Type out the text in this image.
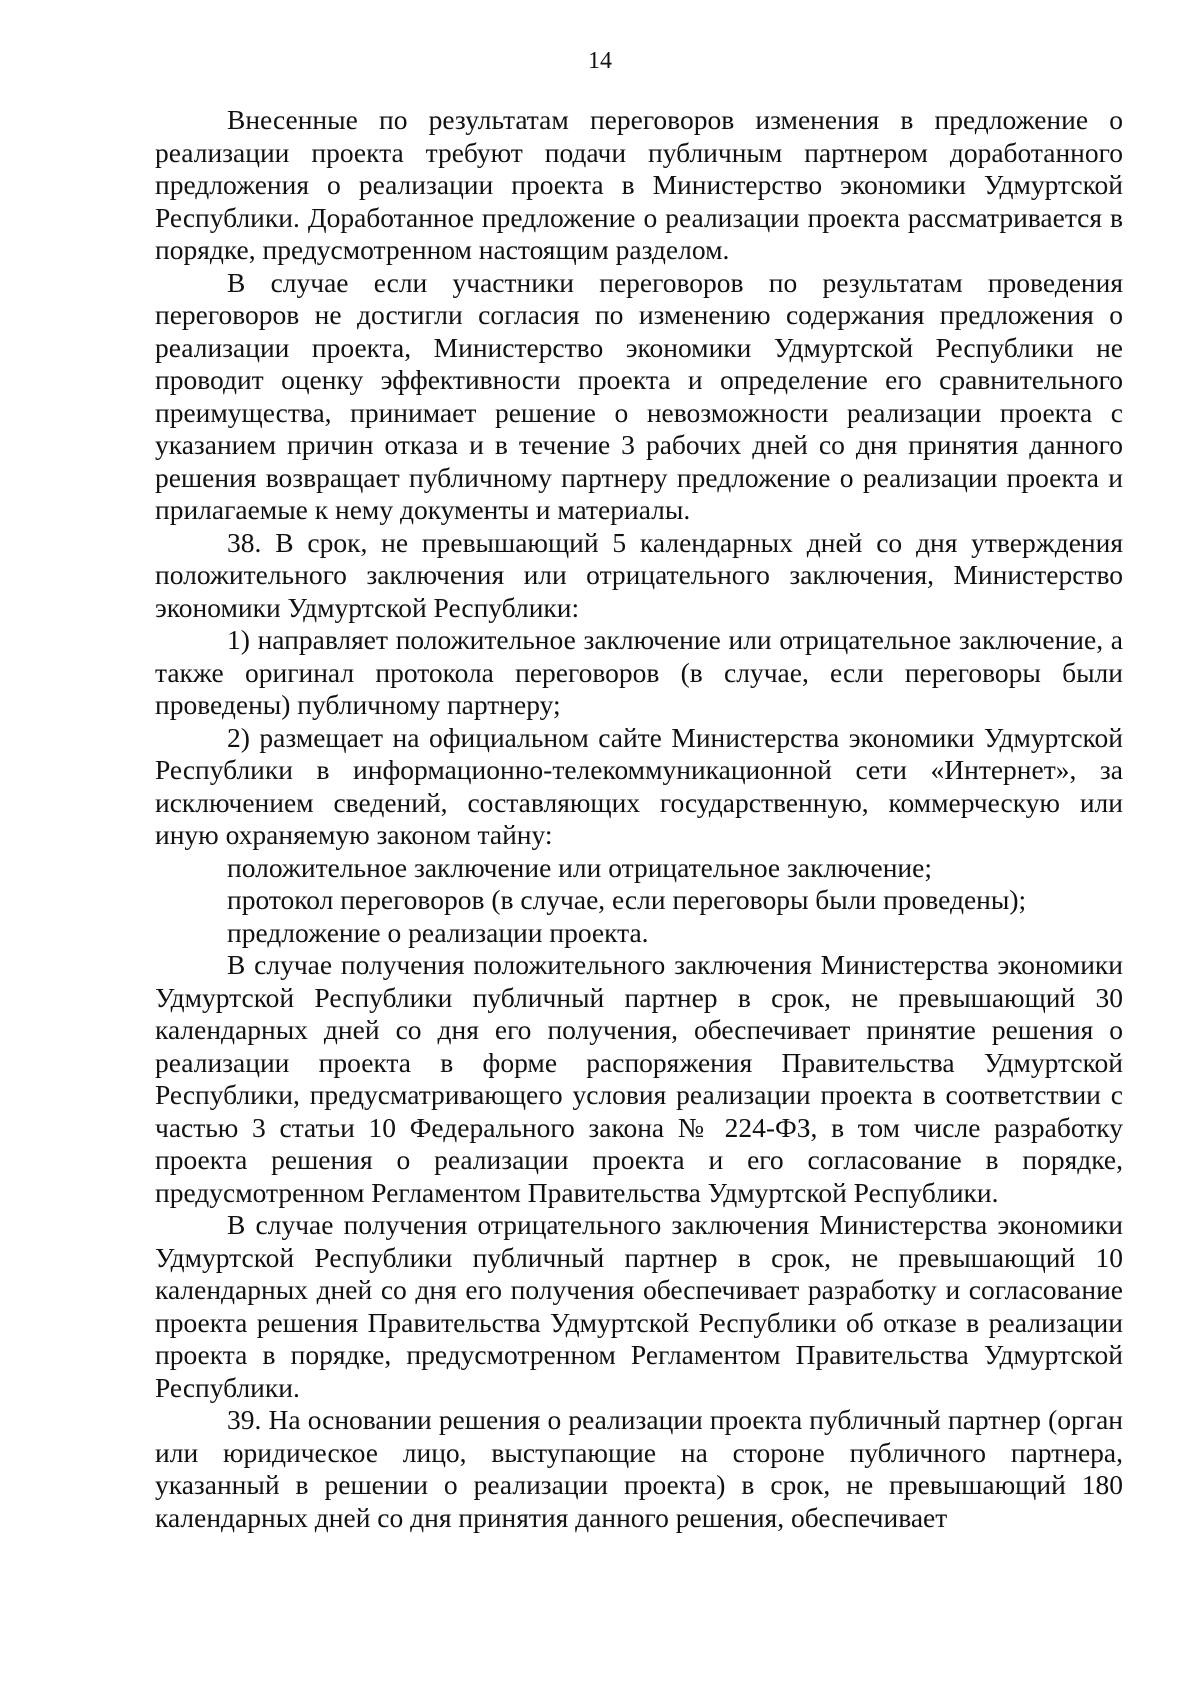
14

Внесенные по результатам переговоров изменения в предложение о реализации проекта требуют подачи публичным партнером доработанного предложения о реализации проекта в Министерство экономики Удмуртской Республики. Доработанное предложение о реализации проекта рассматривается в порядке, предусмотренном настоящим разделом.

В случае если участники переговоров по результатам проведения переговоров не достигли согласия по изменению содержания предложения о реализации проекта, Министерство экономики Удмуртской Республики не проводит оценку эффективности проекта и определение его сравнительного преимущества, принимает решение о невозможности реализации проекта с указанием причин отказа и в течение 3 рабочих дней со дня принятия данного решения возвращает публичному партнеру предложение о реализации проекта и прилагаемые к нему документы и материалы.

38. В срок, не превышающий 5 календарных дней со дня утверждения положительного заключения или отрицательного заключения, Министерство экономики Удмуртской Республики:

1) направляет положительное заключение или отрицательное заключение, а также оригинал протокола переговоров (в случае, если переговоры были проведены) публичному партнеру;

2) размещает на официальном сайте Министерства экономики Удмуртской Республики в информационно-телекоммуникационной сети «Интернет», за исключением сведений, составляющих государственную, коммерческую или иную охраняемую законом тайну:

положительное заключение или отрицательное заключение;

протокол переговоров (в случае, если переговоры были проведены);

предложение о реализации проекта.

В случае получения положительного заключения Министерства экономики Удмуртской Республики публичный партнер в срок, не превышающий 30 календарных дней со дня его получения, обеспечивает принятие решения о реализации проекта в форме распоряжения Правительства Удмуртской Республики, предусматривающего условия реализации проекта в соответствии с частью 3 статьи 10 Федерального закона № 224-ФЗ, в том числе разработку проекта решения о реализации проекта и его согласование в порядке, предусмотренном Регламентом Правительства Удмуртской Республики.

В случае получения отрицательного заключения Министерства экономики Удмуртской Республики публичный партнер в срок, не превышающий 10 календарных дней со дня его получения обеспечивает разработку и согласование проекта решения Правительства Удмуртской Республики об отказе в реализации проекта в порядке, предусмотренном Регламентом Правительства Удмуртской Республики.

39. На основании решения о реализации проекта публичный партнер (орган или юридическое лицо, выступающие на стороне публичного партнера, указанный в решении о реализации проекта) в срок, не превышающий 180 календарных дней со дня принятия данного решения, обеспечивает
